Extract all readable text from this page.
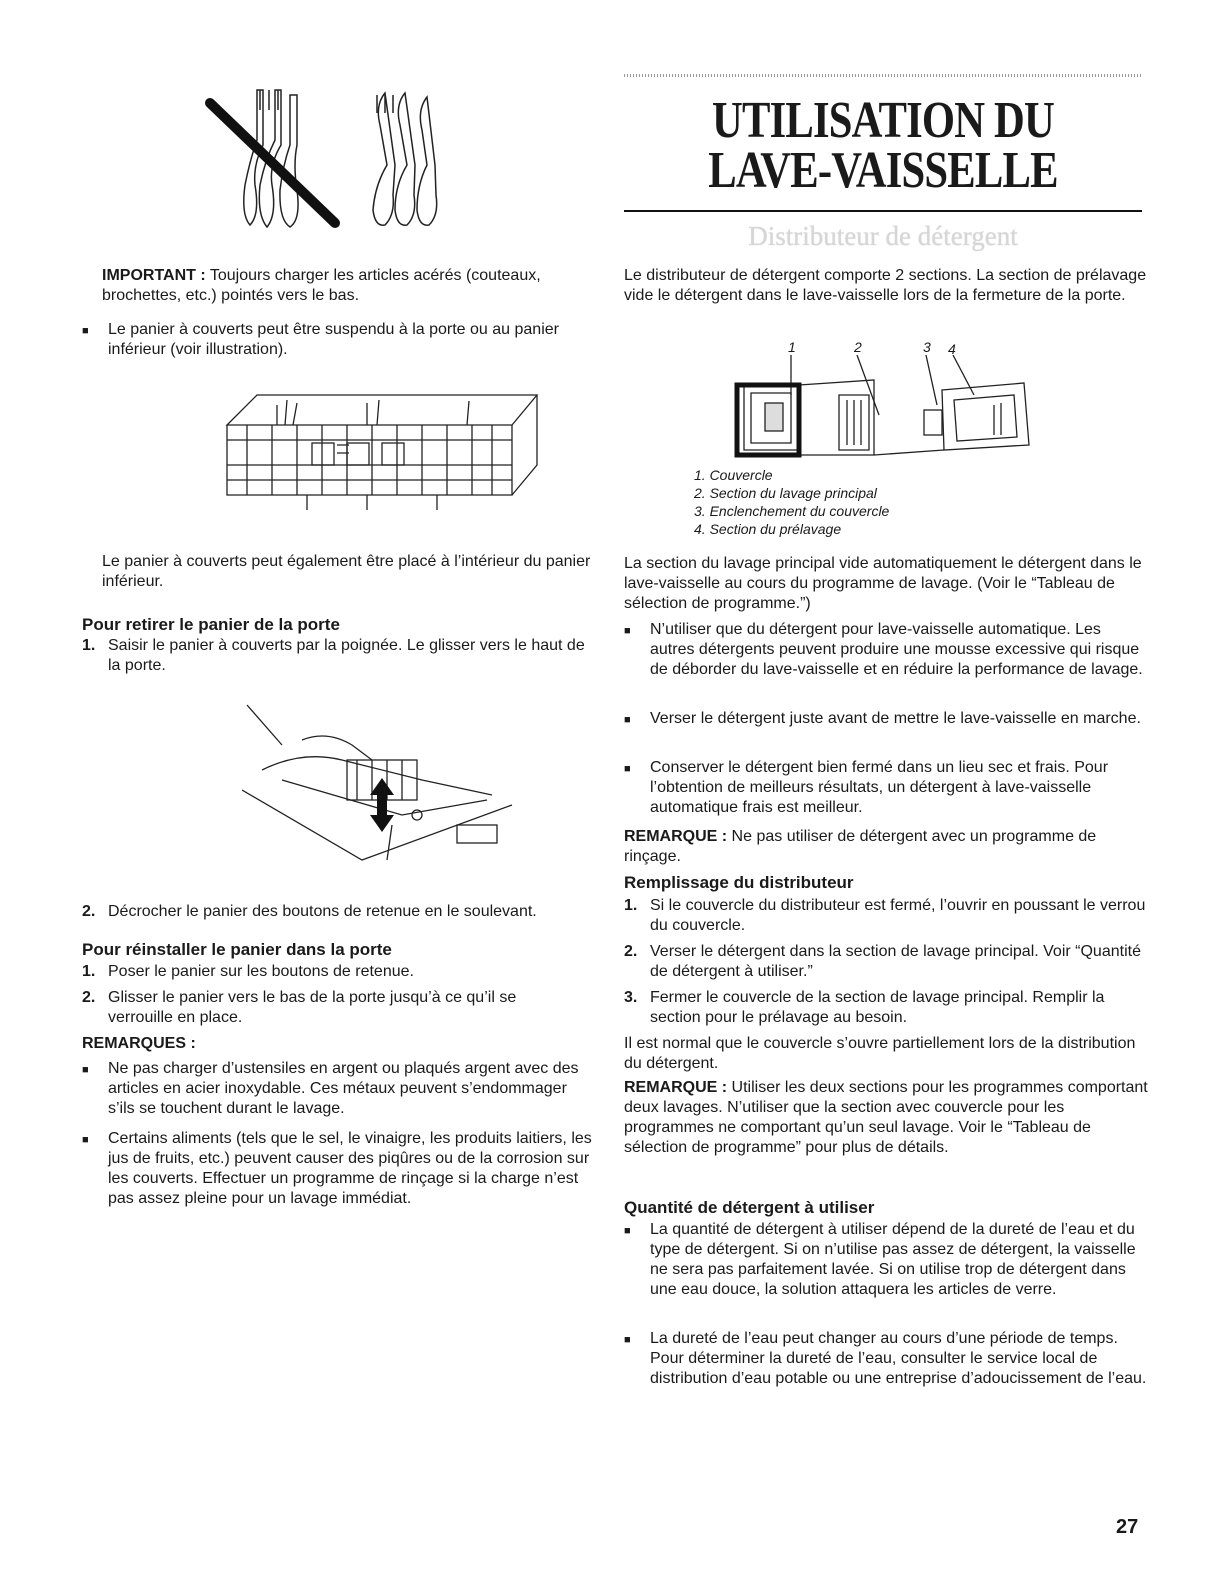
IMPORTANT : Toujours charger les articles acérés (couteaux, brochettes, etc.) pointés vers le bas.

■
Le panier à couverts peut être suspendu à la porte ou au panier inférieur (voir illustration).

Le panier à couverts peut également être placé à l’intérieur du panier inférieur.

Pour retirer le panier de la porte
1. Saisir le panier à couverts par la poignée. Le glisser vers le haut de la porte.
2. Décrocher le panier des boutons de retenue en le soulevant.
Pour réinstaller le panier dans la porte
1. Poser le panier sur les boutons de retenue.
2. Glisser le panier vers le bas de la porte jusqu’à ce qu’il se verrouille en place.
REMARQUES :
■
Ne pas charger d’ustensiles en argent ou plaqués argent avec des articles en acier inoxydable. Ces métaux peuvent s’endommager s’ils se touchent durant le lavage.
■
Certains aliments (tels que le sel, le vinaigre, les produits laitiers, les jus de fruits, etc.) peuvent causer des piqûres ou de la corrosion sur les couverts. Effectuer un programme de rinçage si la charge n’est pas assez pleine pour un lavage immédiat.
UTILISATION DU
LAVE-VAISSELLE
Distributeur de détergent

Le distributeur de détergent comporte 2 sections. La section de prélavage vide le détergent dans le lave-vaisselle lors de la fermeture de la porte.

1	2	3 4
1. Couvercle
2. Section du lavage principal
3. Enclenchement du couvercle
4. Section du prélavage

La section du lavage principal vide automatiquement le détergent dans le lave-vaisselle au cours du programme de lavage. (Voir le “Tableau de sélection de programme.”)

■
N’utiliser que du détergent pour lave-vaisselle automatique. Les autres détergents peuvent produire une mousse excessive qui risque de déborder du lave-vaisselle et en réduire la performance de lavage.
■
Verser le détergent juste avant de mettre le lave-vaisselle en marche.
■
Conserver le détergent bien fermé dans un lieu sec et frais. Pour l’obtention de meilleurs résultats, un détergent à lave-vaisselle automatique frais est meilleur.

REMARQUE : Ne pas utiliser de détergent avec un programme de rinçage.

Remplissage du distributeur
1. Si le couvercle du distributeur est fermé, l’ouvrir en poussant le verrou du couvercle.
2. Verser le détergent dans la section de lavage principal. Voir “Quantité de détergent à utiliser.”
3. Fermer le couvercle de la section de lavage principal. Remplir la section pour le prélavage au besoin.

Il est normal que le couvercle s’ouvre partiellement lors de la distribution du détergent.

REMARQUE : Utiliser les deux sections pour les programmes comportant deux lavages. N’utiliser que la section avec couvercle pour les programmes ne comportant qu’un seul lavage. Voir le “Tableau de sélection de programme” pour plus de détails.

Quantité de détergent à utiliser
■
La quantité de détergent à utiliser dépend de la dureté de l’eau et du type de détergent. Si on n’utilise pas assez de détergent, la vaisselle ne sera pas parfaitement lavée. Si on utilise trop de détergent dans une eau douce, la solution attaquera les articles de verre.
■
La dureté de l’eau peut changer au cours d’une période de temps. Pour déterminer la dureté de l’eau, consulter le service local de distribution d’eau potable ou une entreprise d’adoucissement de l’eau.
27
